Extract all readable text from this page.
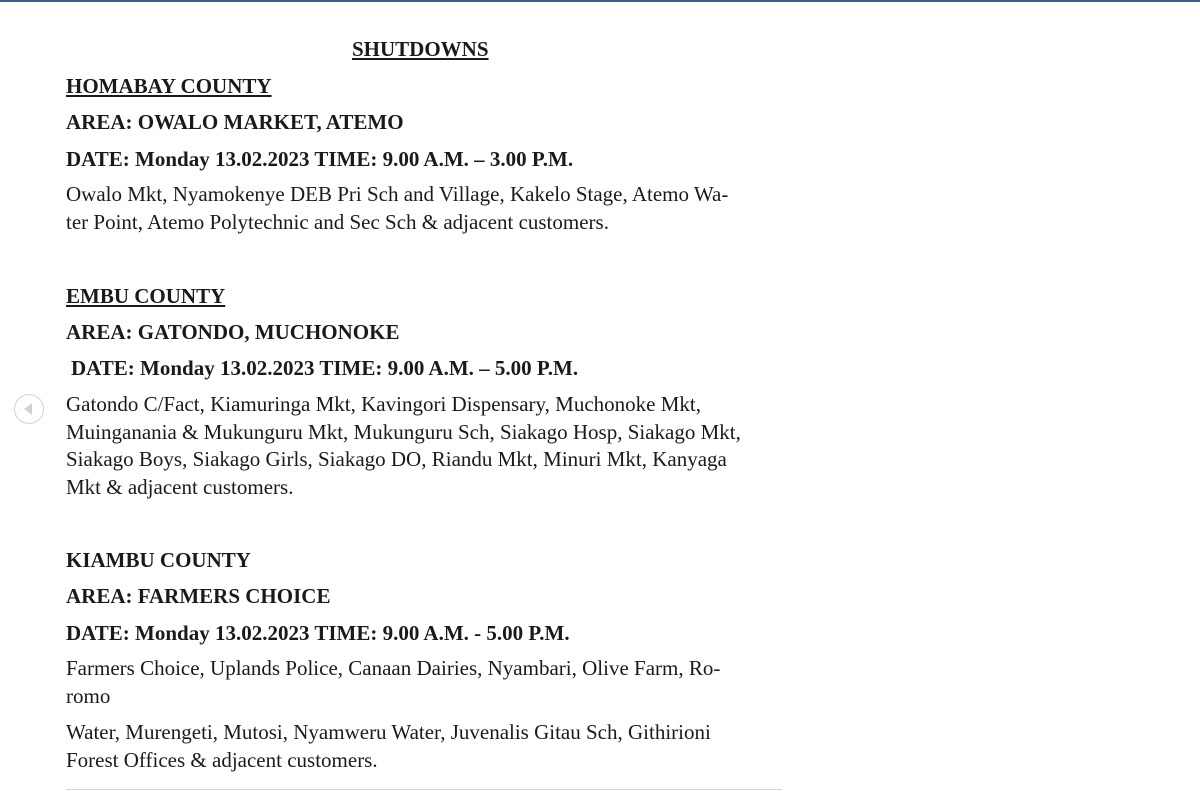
SHUTDOWNS
HOMABAY COUNTY
AREA: OWALO MARKET, ATEMO
DATE: Monday 13.02.2023 TIME: 9.00 A.M. – 3.00 P.M.
Owalo Mkt, Nyamokenye DEB Pri Sch and Village, Kakelo Stage, Atemo Wa-
ter Point, Atemo Polytechnic and Sec Sch & adjacent customers.
EMBU COUNTY
AREA: GATONDO, MUCHONOKE
DATE: Monday 13.02.2023 TIME: 9.00 A.M. – 5.00 P.M.
Gatondo C/Fact, Kiamuringa Mkt, Kavingori Dispensary, Muchonoke Mkt,
Muinganania & Mukunguru Mkt, Mukunguru Sch, Siakago Hosp, Siakago Mkt,
Siakago Boys, Siakago Girls, Siakago DO, Riandu Mkt, Minuri Mkt, Kanyaga
Mkt & adjacent customers.
KIAMBU COUNTY
AREA: FARMERS CHOICE
DATE: Monday 13.02.2023 TIME: 9.00 A.M. - 5.00 P.M.
Farmers Choice, Uplands Police, Canaan Dairies, Nyambari, Olive Farm, Ro-
romo
Water, Murengeti, Mutosi, Nyamweru Water, Juvenalis Gitau Sch, Githirioni
Forest Offices & adjacent customers.
